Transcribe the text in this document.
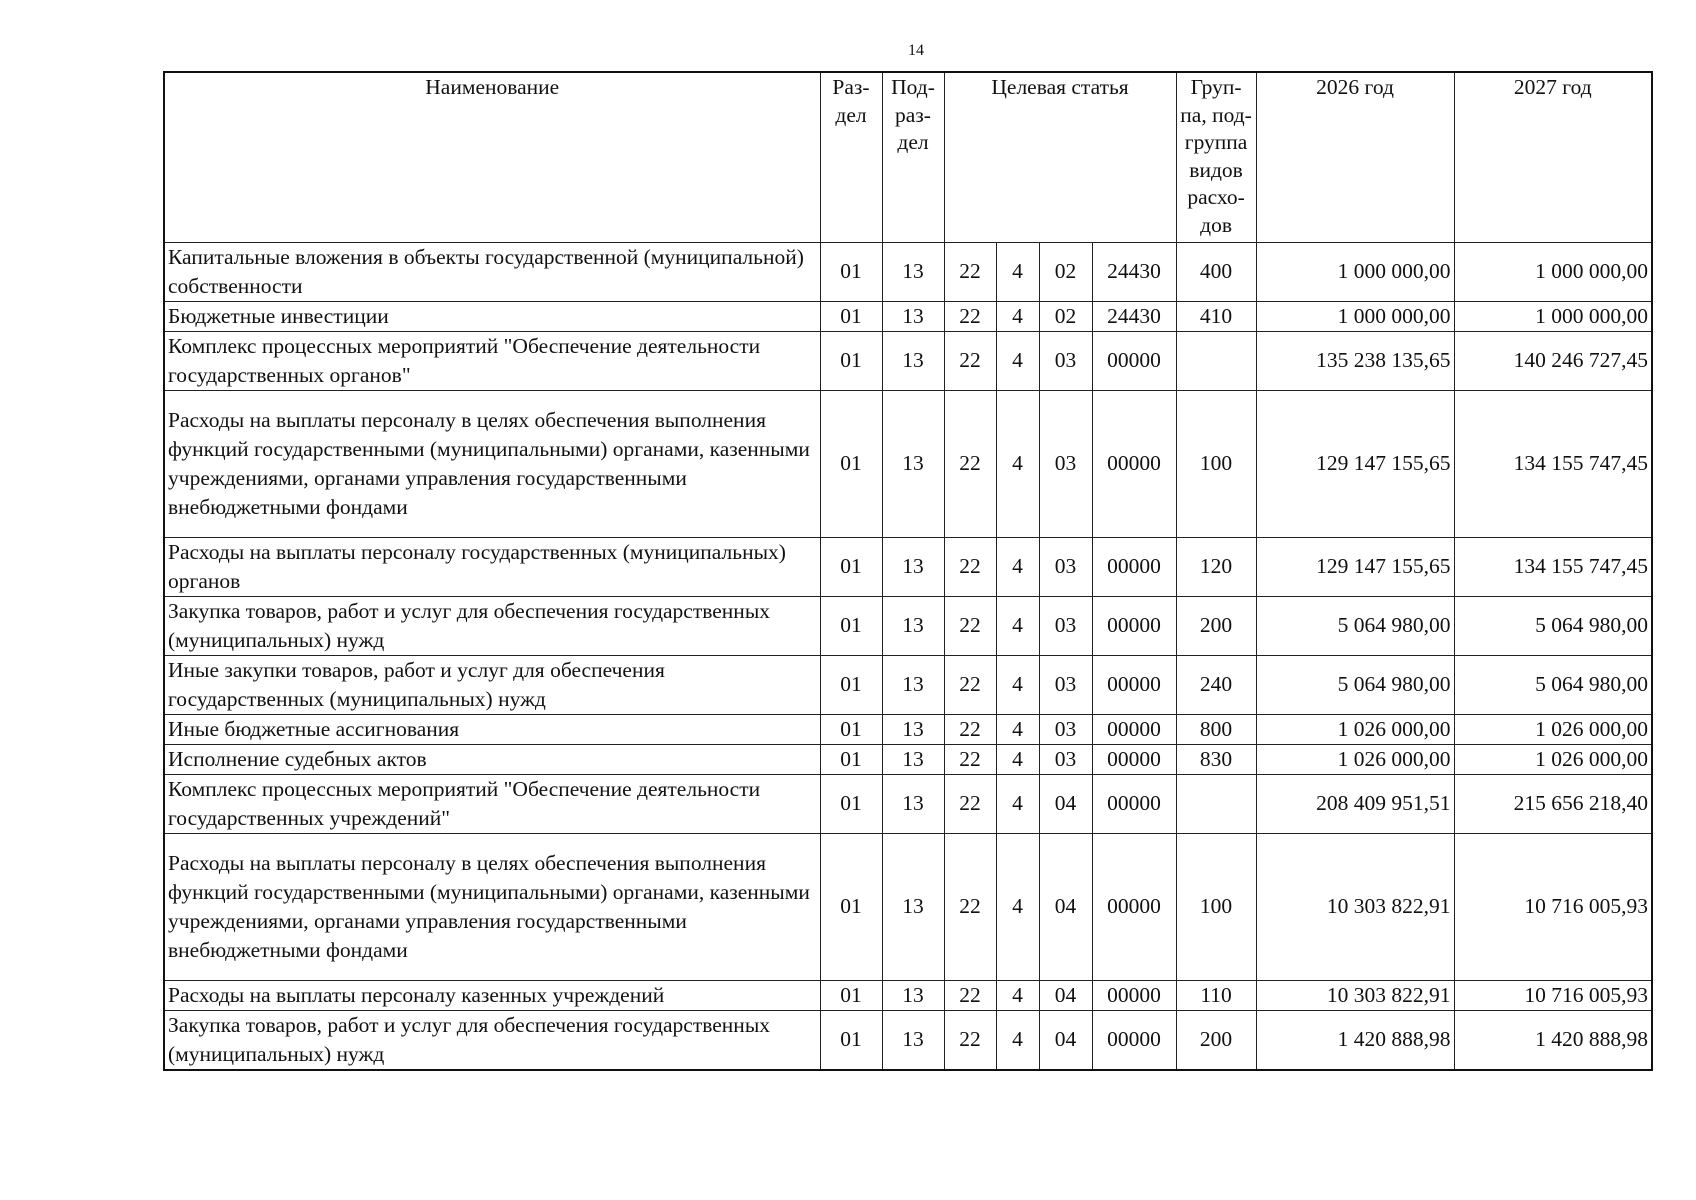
14
Наименование	Раз- дел	Под- раз- дел	Целевая статья				Груп- па, под- группа видов расхо- дов	2026 год	2027 год
Капитальные вложения в объекты государственной (муниципальной) собственности	01	13	22	4	02	24430	400	1 000 000,00	1 000 000,00
Бюджетные инвестиции	01	13	22	4	02	24430	410	1 000 000,00	1 000 000,00
Комплекс процессных мероприятий "Обеспечение деятельности государственных органов"	01	13	22	4	03	00000		135 238 135,65	140 246 727,45
Расходы на выплаты персоналу в целях обеспечения выполнения функций государственными (муниципальными) органами, казенными учреждениями, органами управления государственными внебюджетными фондами	01	13	22	4	03	00000	100	129 147 155,65	134 155 747,45
Расходы на выплаты персоналу государственных (муниципальных) органов	01	13	22	4	03	00000	120	129 147 155,65	134 155 747,45
Закупка товаров, работ и услуг для обеспечения государственных (муниципальных) нужд	01	13	22	4	03	00000	200	5 064 980,00	5 064 980,00
Иные закупки товаров, работ и услуг для обеспечения государственных (муниципальных) нужд	01	13	22	4	03	00000	240	5 064 980,00	5 064 980,00
Иные бюджетные ассигнования	01	13	22	4	03	00000	800	1 026 000,00	1 026 000,00
Исполнение судебных актов	01	13	22	4	03	00000	830	1 026 000,00	1 026 000,00
Комплекс процессных мероприятий "Обеспечение деятельности государственных учреждений"	01	13	22	4	04	00000		208 409 951,51	215 656 218,40
Расходы на выплаты персоналу в целях обеспечения выполнения функций государственными (муниципальными) органами, казенными учреждениями, органами управления государственными внебюджетными фондами	01	13	22	4	04	00000	100	10 303 822,91	10 716 005,93
Расходы на выплаты персоналу казенных учреждений	01	13	22	4	04	00000	110	10 303 822,91	10 716 005,93
Закупка товаров, работ и услуг для обеспечения государственных (муниципальных) нужд	01	13	22	4	04	00000	200	1 420 888,98	1 420 888,98
